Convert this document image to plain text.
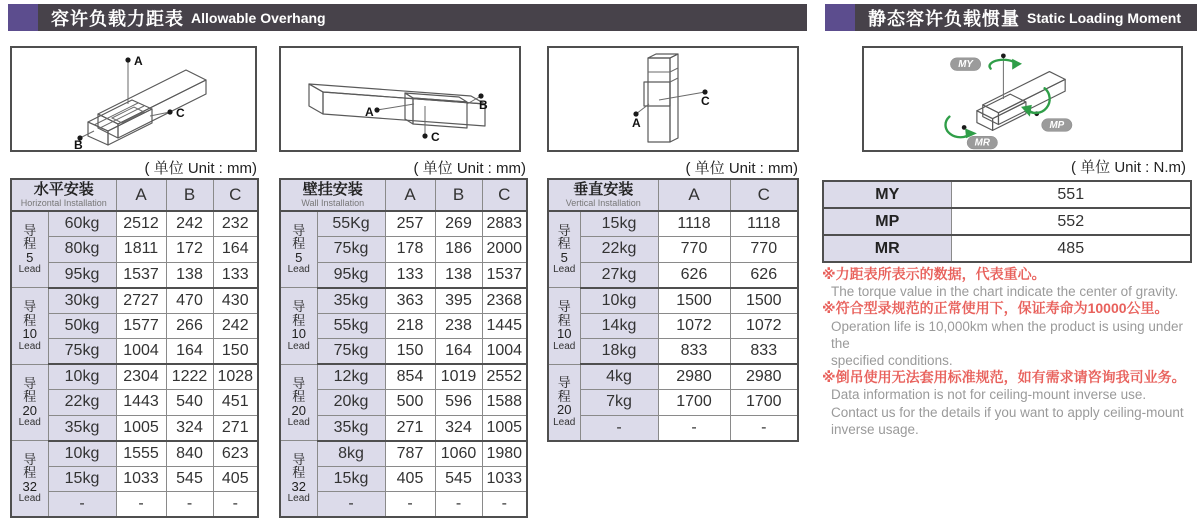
容许负载力距表 Allowable Overhang	静态容许负载惯量 Static Loading Moment
A
B
C	A	B
C
A
C
MY
MP
MR
( 单位 Unit : mm)	( 单位 Unit : mm)	( 单位 Unit : mm)	( 单位 Unit : N.m)
水平安装
Horizontal Installation		A	B	C

导
程
5
Lead	60kg	2512	242	232
	80kg	1811	172	164
	95kg	1537	138	133

导
程
10
Lead	30kg	2727	470	430
	50kg	1577	266	242
	75kg	1004	164	150

导
程
20
Lead	10kg	2304	1222	1028
	22kg	1443	540	451
	35kg	1005	324	271

导
程
32
Lead	10kg	1555	840	623
	15kg	1033	545	405
	-	-	-	-
壁挂安装
Wall Installation		A	B	C

导
程
5
Lead	55Kg	257	269	2883
	75kg	178	186	2000
	95kg	133	138	1537

导
程
10
Lead	35kg	363	395	2368
	55kg	218	238	1445
	75kg	150	164	1004

导
程
20
Lead	12kg	854	1019	2552
	20kg	500	596	1588
	35kg	271	324	1005

导
程
32
Lead	8kg	787	1060	1980
	15kg	405	545	1033
	-	-	-	-
垂直安装
Vertical Installation		A	C

导
程
5
Lead	15kg	1118	1118
	22kg	770	770
	27kg	626	626

导
程
10
Lead	10kg	1500	1500
	14kg	1072	1072
	18kg	833	833

导
程
20
Lead	4kg	2980	2980
	7kg	1700	1700
	-	-	-
MY	551
MP	552
MR	485
※力距表所表示的数据，代表重心。
The torque value in the chart indicate the center of gravity.
※符合型录规范的正常使用下，保证寿命为10000公里。
Operation life is 10,000km when the product is using under the
specified conditions.
※倒吊使用无法套用标准规范，如有需求请咨询我司业务。
Data information is not for ceiling-mount inverse use.
Contact us for the details if you want to apply ceiling-mount
inverse usage.
